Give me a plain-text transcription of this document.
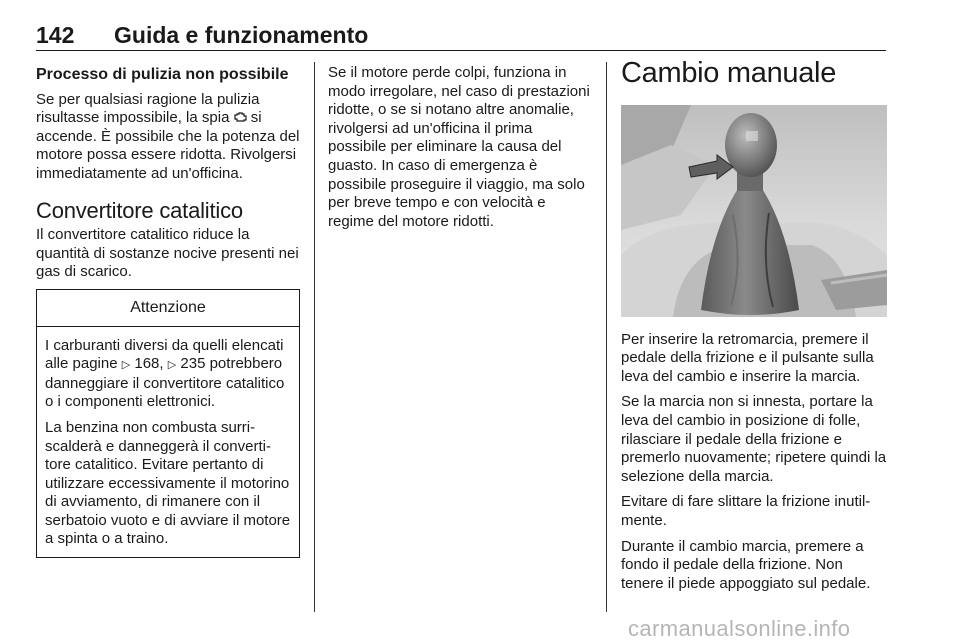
142 Guida e funzionamento
Processo di pulizia non possibile

Se per qualsiasi ragione la pulizia risultasse impossibile, la spia si accende. È possibile che la potenza del motore possa essere ridotta. Rivolgersi immediatamente ad un'officina.

Convertitore catalitico

Il convertitore catalitico riduce la quantità di sostanze nocive presenti nei gas di scarico.

Attenzione

I carburanti diversi da quelli elencati alle pagine ▷ 168, ▷ 235 potrebbero danneggiare il convertitore catalitico o i componenti elettronici.

La benzina non combusta surriscalderà e danneggerà il convertitore catalitico. Evitare pertanto di utilizzare eccessivamente il motorino di avviamento, di rimanere con il serbatoio vuoto e di avviare il motore a spinta o a traino.

Se il motore perde colpi, funziona in modo irregolare, nel caso di prestazioni ridotte, o se si notano altre anomalie, rivolgersi ad un'officina il prima possibile per eliminare la causa del guasto. In caso di emergenza è possibile proseguire il viaggio, ma solo per breve tempo e con velocità e regime del motore ridotti.

Cambio manuale

Per inserire la retromarcia, premere il pedale della frizione e il pulsante sulla leva del cambio e inserire la marcia.

Se la marcia non si innesta, portare la leva del cambio in posizione di folle, rilasciare il pedale della frizione e premerlo nuovamente; ripetere quindi la selezione della marcia.

Evitare di fare slittare la frizione inutilmente.

Durante il cambio marcia, premere a fondo il pedale della frizione. Non tenere il piede appoggiato sul pedale.

carmanualsonline.info
